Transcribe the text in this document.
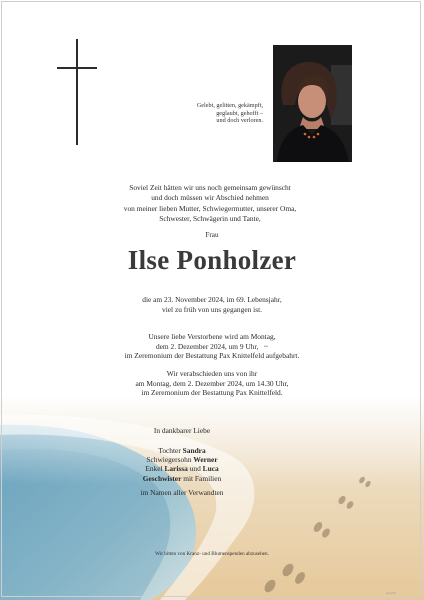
Gelebt, gelitten, gekämpft,
geglaubt, gehofft –
und doch verloren.
Soviel Zeit hätten wir uns noch gemeinsam gewünscht
und doch müssen wir Abschied nehmen
von meiner lieben Mutter, Schwiegermutter, unserer Oma,
Schwester, Schwägerin und Tante,
Frau
Ilse Ponholzer
die am 23. November 2024, im 69. Lebensjahr,
viel zu früh von uns gegangen ist.
Unsere liebe Verstorbene wird am Montag,
dem 2. Dezember 2024, um 9 Uhr, ~
im Zeremonium der Bestattung Pax Knittelfeld aufgebahrt.
Wir verabschieden uns von ihr
am Montag, dem 2. Dezember 2024, um 14.30 Uhr,
im Zeremonium der Bestattung Pax Knittelfeld.
In dankbarer Liebe
Tochter Sandra
Schwiegersohn Werner
Enkel Larissa und Luca
Geschwister mit Familien
im Namen aller Verwandten
Wir bitten von Kranz- und Blumenspenden abzusehen.
sept 2024
